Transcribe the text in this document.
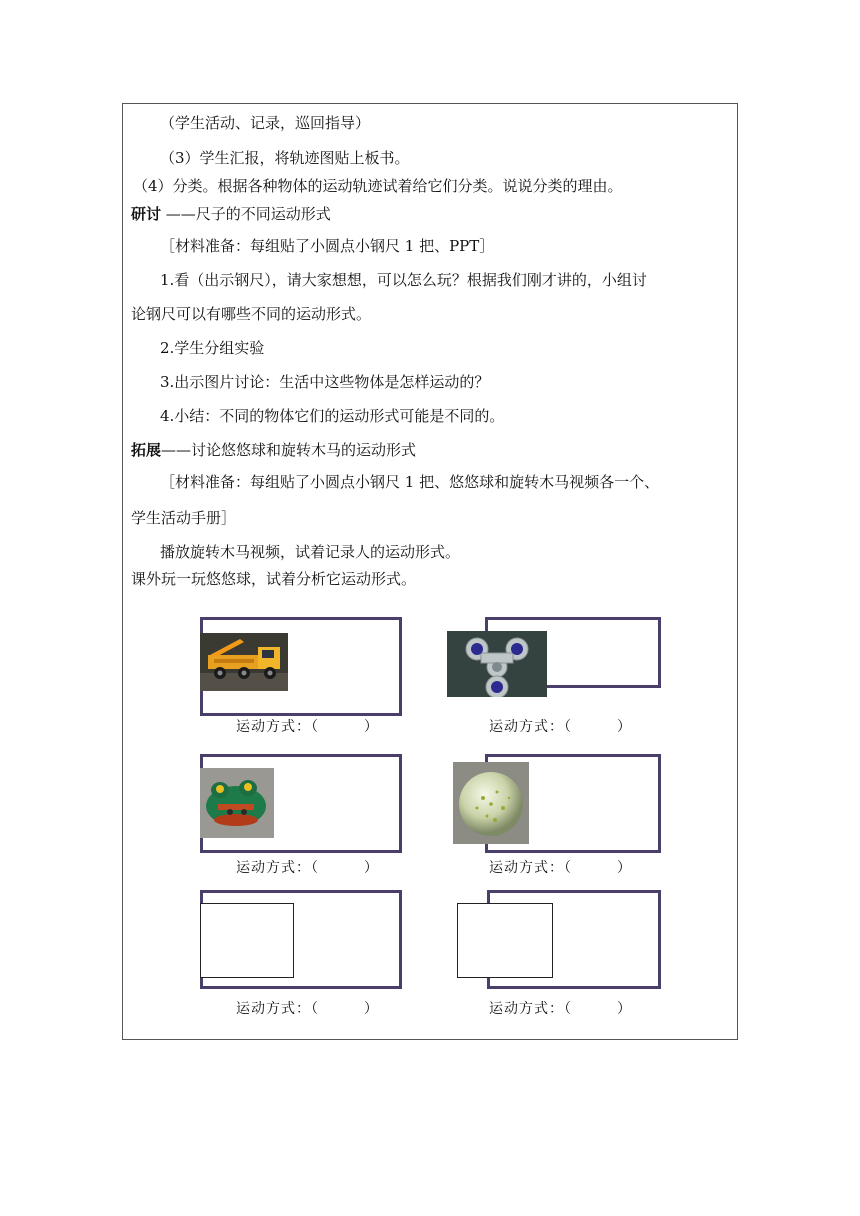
（学生活动、记录，巡回指导）
（3）学生汇报，将轨迹图贴上板书。
（4）分类。根据各种物体的运动轨迹试着给它们分类。说说分类的理由。
研讨 ——尺子的不同运动形式
［材料准备：每组贴了小圆点小钢尺 1 把、PPT］
1.看（出示钢尺），请大家想想，可以怎么玩？根据我们刚才讲的，小组讨
论钢尺可以有哪些不同的运动形式。
2.学生分组实验
3.出示图片讨论：生活中这些物体是怎样运动的？
4.小结：不同的物体它们的运动形式可能是不同的。
拓展——讨论悠悠球和旋转木马的运动形式
［材料准备：每组贴了小圆点小钢尺 1 把、悠悠球和旋转木马视频各一个、
学生活动手册］
播放旋转木马视频，试着记录人的运动形式。
课外玩一玩悠悠球，试着分析它运动形式。
运动方式：（　　　）	运动方式：（　　　）
运动方式：（　　　）	运动方式：（　　　）
运动方式：（　　　）	运动方式：（　　　）
